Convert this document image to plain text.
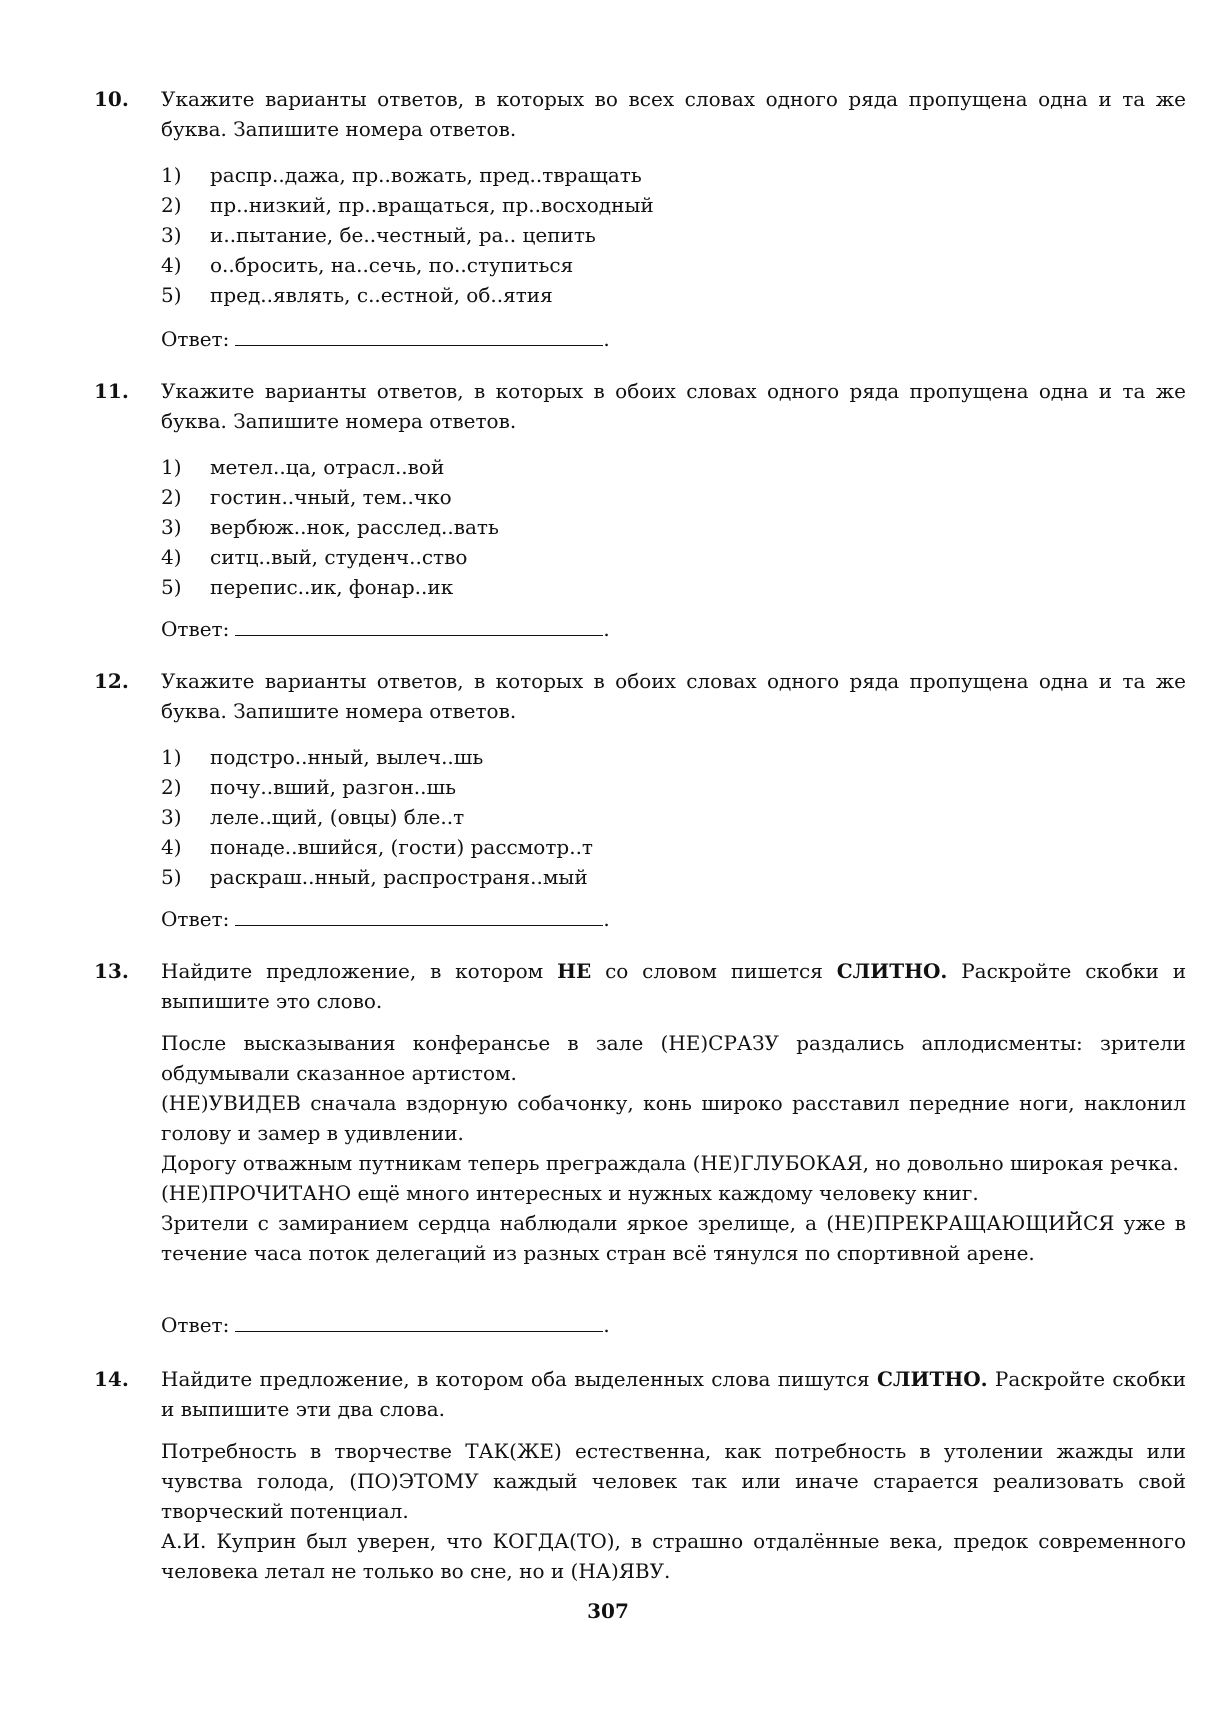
10. Укажите варианты ответов, в которых во всех словах одного ряда пропущена одна и та же буква. Запишите номера ответов.
1) распр..дажа, пр..вожать, пред..твращать
2) пр..низкий, пр..вращаться, пр..восходный
3) и..пытание, бе..честный, ра.. цепить
4) о..бросить, на..сечь, по..ступиться
5) пред..являть, с..естной, об..ятия
Ответ:	.
11. Укажите варианты ответов, в которых в обоих словах одного ряда пропущена одна и та же буква. Запишите номера ответов.
1) метел..ца, отрасл..вой
2) гостин..чный, тем..чко
3) вербюж..нок, расслед..вать
4) ситц..вый, студенч..ство
5) перепис..ик, фонар..ик
Ответ:	.
12. Укажите варианты ответов, в которых в обоих словах одного ряда пропущена одна и та же буква. Запишите номера ответов.
1) подстро..нный, вылеч..шь
2) почу..вший, разгон..шь
3) леле..щий, (овцы) бле..т
4) понаде..вшийся, (гости) рассмотр..т
5) раскраш..нный, распространя..мый
Ответ:	.
13. Найдите предложение, в котором НЕ со словом пишется СЛИТНО. Раскройте скобки и выпишите это слово.

После высказывания конферансье в зале (НЕ)СРАЗУ раздались аплодисменты: зрители обдумывали сказанное артистом.

(НЕ)УВИДЕВ сначала вздорную собачонку, конь широко расставил передние ноги, наклонил голову и замер в удивлении.

Дорогу отважным путникам теперь преграждала (НЕ)ГЛУБОКАЯ, но довольно широкая речка.

(НЕ)ПРОЧИТАНО ещё много интересных и нужных каждому человеку книг.

Зрители с замиранием сердца наблюдали яркое зрелище, а (НЕ)ПРЕКРАЩАЮЩИЙСЯ уже в течение часа поток делегаций из разных стран всё тянулся по спортивной арене.

Ответ:	.
14. Найдите предложение, в котором оба выделенных слова пишутся СЛИТНО. Раскройте скобки и выпишите эти два слова.

Потребность в творчестве ТАК(ЖЕ) естественна, как потребность в утолении жажды или чувства голода, (ПО)ЭТОМУ каждый человек так или иначе старается реализовать свой творческий потенциал.

А.И. Куприн был уверен, что КОГДА(ТО), в страшно отдалённые века, предок современного человека летал не только во сне, но и (НА)ЯВУ.

307
